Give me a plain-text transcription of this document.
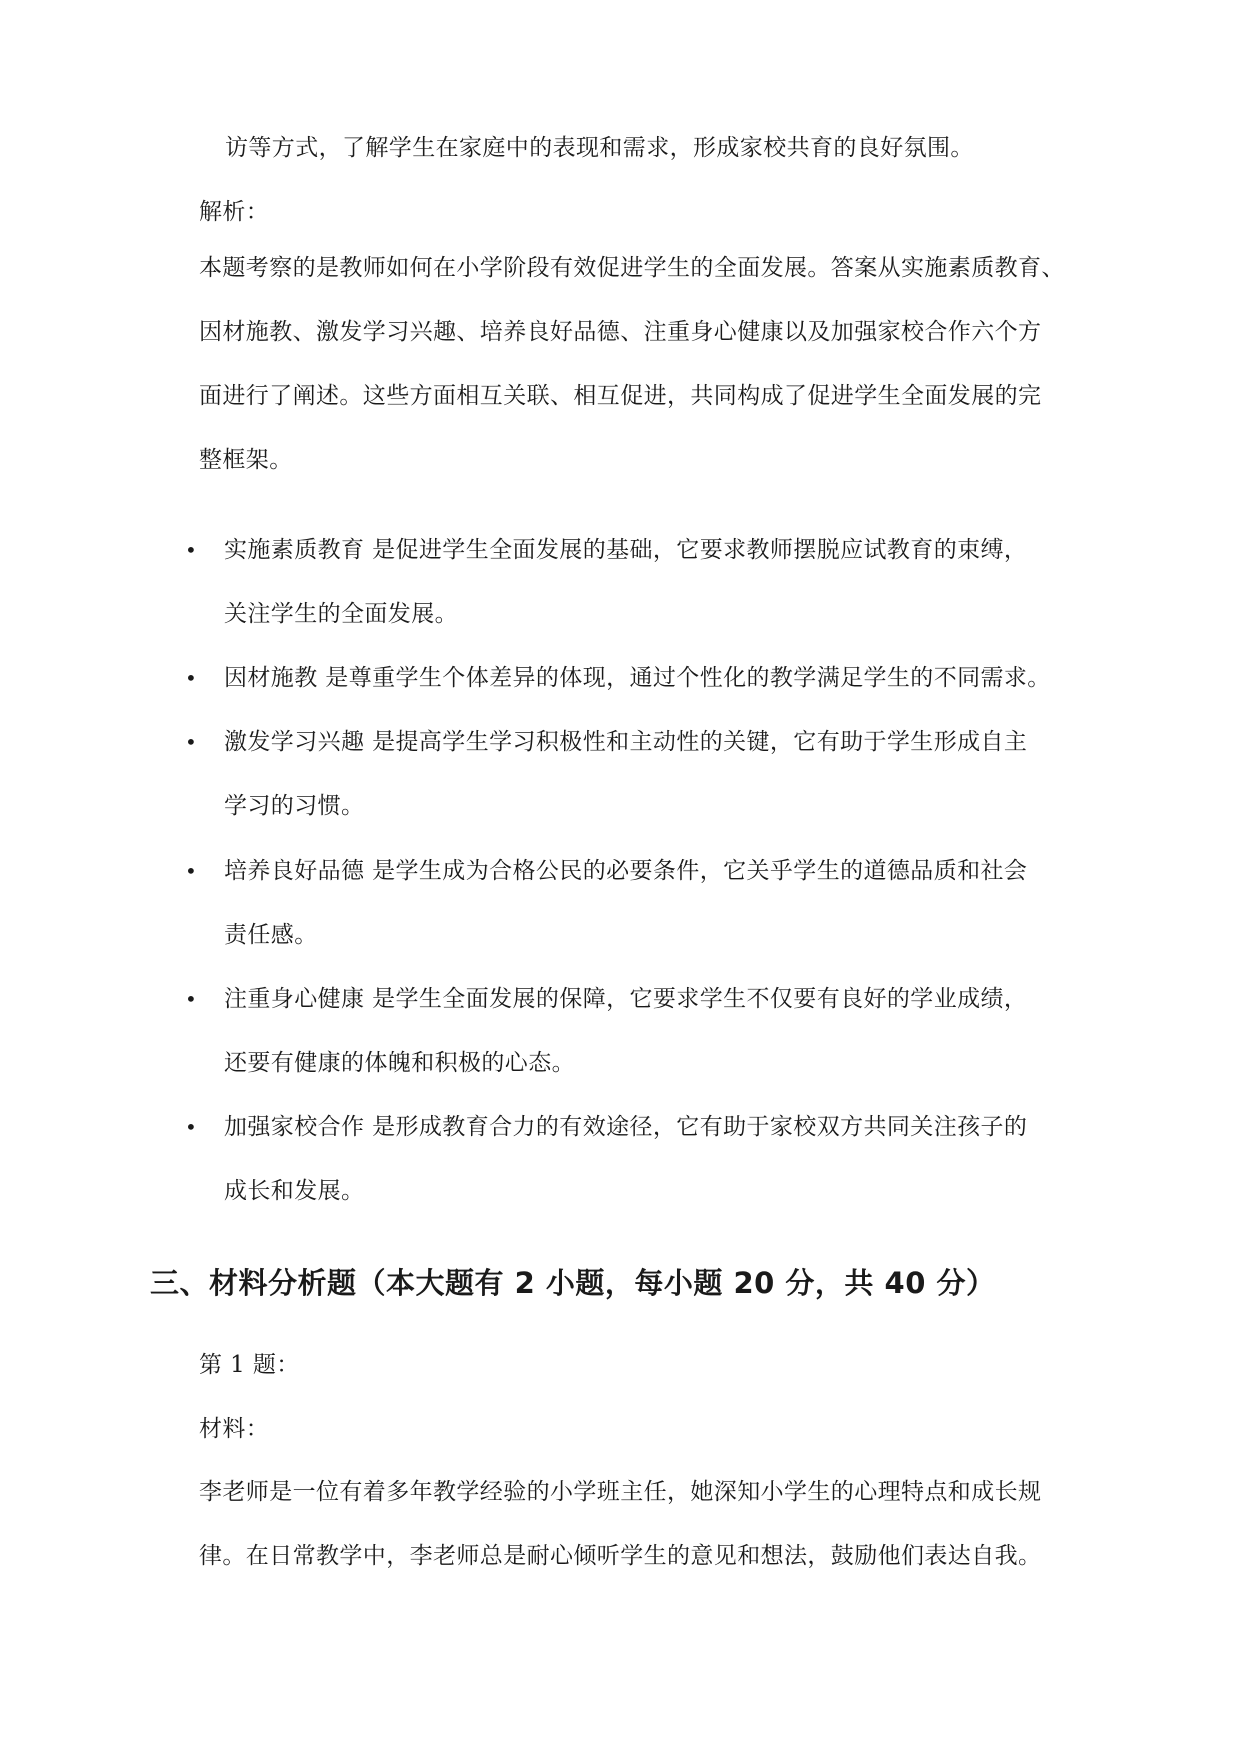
访等方式，了解学生在家庭中的表现和需求，形成家校共育的良好氛围。
解析：
本题考察的是教师如何在小学阶段有效促进学生的全面发展。答案从实施素质教育、
因材施教、激发学习兴趣、培养良好品德、注重身心健康以及加强家校合作六个方
面进行了阐述。这些方面相互关联、相互促进，共同构成了促进学生全面发展的完
整框架。
• 实施素质教育 是促进学生全面发展的基础，它要求教师摆脱应试教育的束缚，
关注学生的全面发展。
• 因材施教 是尊重学生个体差异的体现，通过个性化的教学满足学生的不同需求。
• 激发学习兴趣 是提高学生学习积极性和主动性的关键，它有助于学生形成自主
学习的习惯。
• 培养良好品德 是学生成为合格公民的必要条件，它关乎学生的道德品质和社会
责任感。
• 注重身心健康 是学生全面发展的保障，它要求学生不仅要有良好的学业成绩，
还要有健康的体魄和积极的心态。
• 加强家校合作 是形成教育合力的有效途径，它有助于家校双方共同关注孩子的
成长和发展。
三、材料分析题（本大题有 2 小题，每小题 20 分，共 40 分）
第 1 题：
材料：
李老师是一位有着多年教学经验的小学班主任，她深知小学生的心理特点和成长规
律。在日常教学中，李老师总是耐心倾听学生的意见和想法，鼓励他们表达自我。
